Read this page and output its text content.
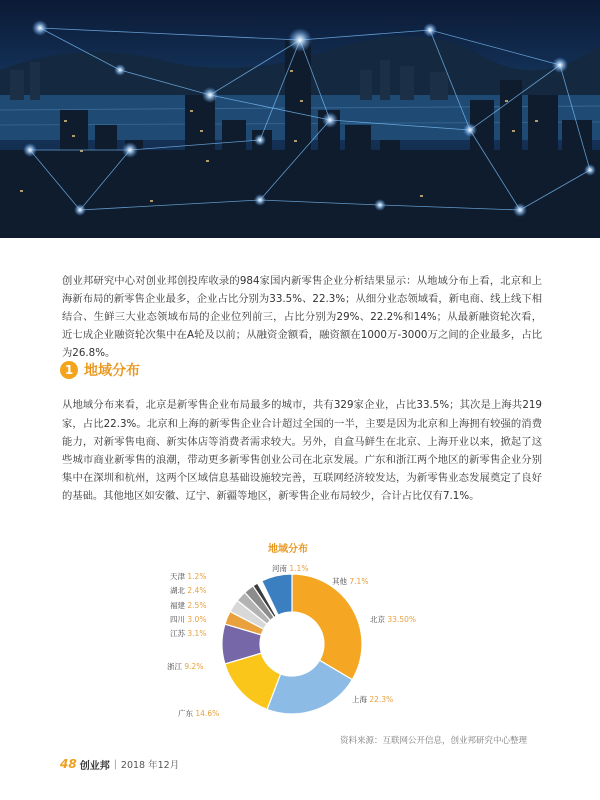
创业邦研究中心对创业邦创投库收录的984家国内新零售企业分析结果显示：从地域分布上看，北京和上海新布局的新零售企业最多，企业占比分别为33.5%、22.3%；从细分业态领域看，新电商、线上线下相结合、生鲜三大业态领域布局的企业位列前三，占比分别为29%、22.2%和14%；从最新融资轮次看，近七成企业融资轮次集中在A轮及以前；从融资金额看，融资额在1000万-3000万之间的企业最多，占比为26.8%。

1 地域分布

从地域分布来看，北京是新零售企业布局最多的城市，共有329家企业，占比33.5%；其次是上海共219家，占比22.3%。北京和上海的新零售企业合计超过全国的一半，主要是因为北京和上海拥有较强的消费能力，对新零售电商、新实体店等消费者需求较大。另外，自盒马鲜生在北京、上海开业以来，掀起了这些城市商业新零售的浪潮，带动更多新零售创业公司在北京发展。广东和浙江两个地区的新零售企业分别集中在深圳和杭州，这两个区域信息基础设施较完善，互联网经济较发达，为新零售业态发展奠定了良好的基础。其他地区如安徽、辽宁、新疆等地区，新零售企业布局较少，合计占比仅有7.1%。

地域分布
北京 33.50%
上海 22.3%
广东 14.6%
浙江 9.2%
江苏 3.1%
四川 3.0%
福建 2.5%
湖北 2.4%
天津 1.2%
河南 1.1%
其他 7.1%
资料来源：互联网公开信息，创业邦研究中心整理
48 创业邦 | 2018 年12月
